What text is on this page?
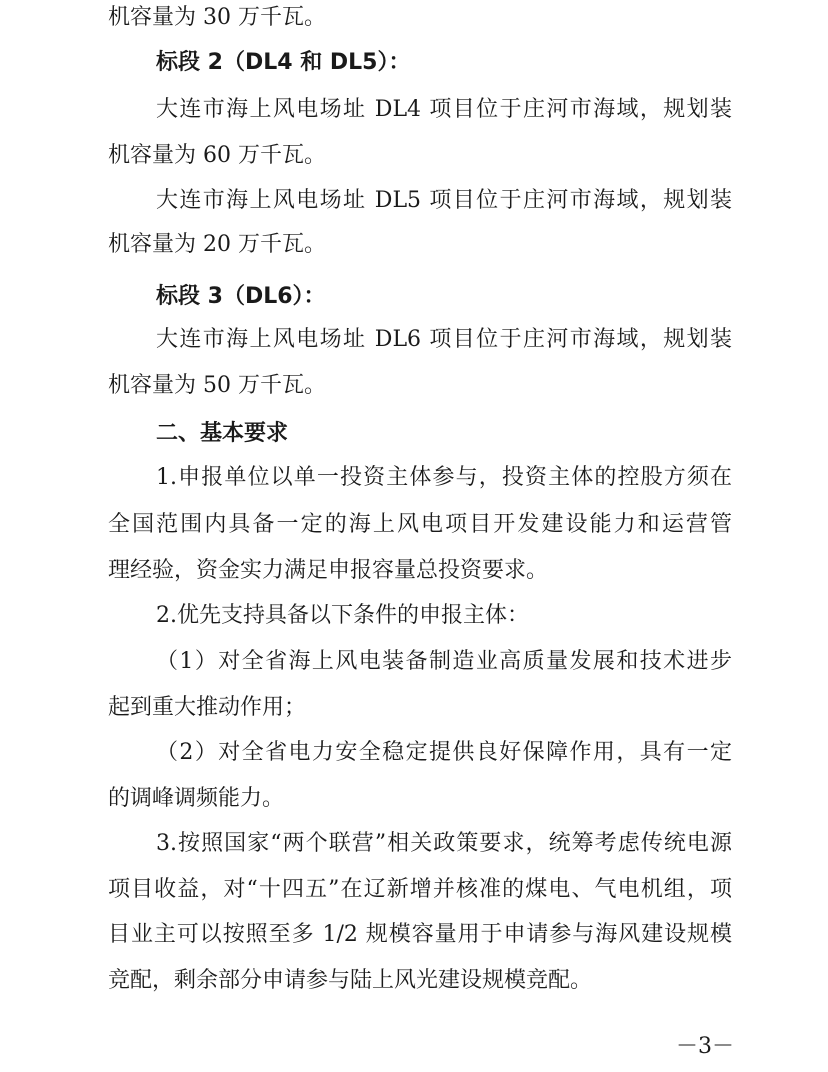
机容量为 30 万千瓦。
标段 2（DL4 和 DL5）：
大连市海上风电场址 DL4 项目位于庄河市海域，规划装
机容量为 60 万千瓦。
大连市海上风电场址 DL5 项目位于庄河市海域，规划装
机容量为 20 万千瓦。
标段 3（DL6）：
大连市海上风电场址 DL6 项目位于庄河市海域，规划装
机容量为 50 万千瓦。
二、基本要求
1.申报单位以单一投资主体参与，投资主体的控股方须在
全国范围内具备一定的海上风电项目开发建设能力和运营管
理经验，资金实力满足申报容量总投资要求。
2.优先支持具备以下条件的申报主体：
（1）对全省海上风电装备制造业高质量发展和技术进步
起到重大推动作用；
（2）对全省电力安全稳定提供良好保障作用，具有一定
的调峰调频能力。
3.按照国家“两个联营”相关政策要求，统筹考虑传统电源
项目收益，对“十四五”在辽新增并核准的煤电、气电机组，项
目业主可以按照至多 1/2 规模容量用于申请参与海风建设规模
竞配，剩余部分申请参与陆上风光建设规模竞配。
－3－
